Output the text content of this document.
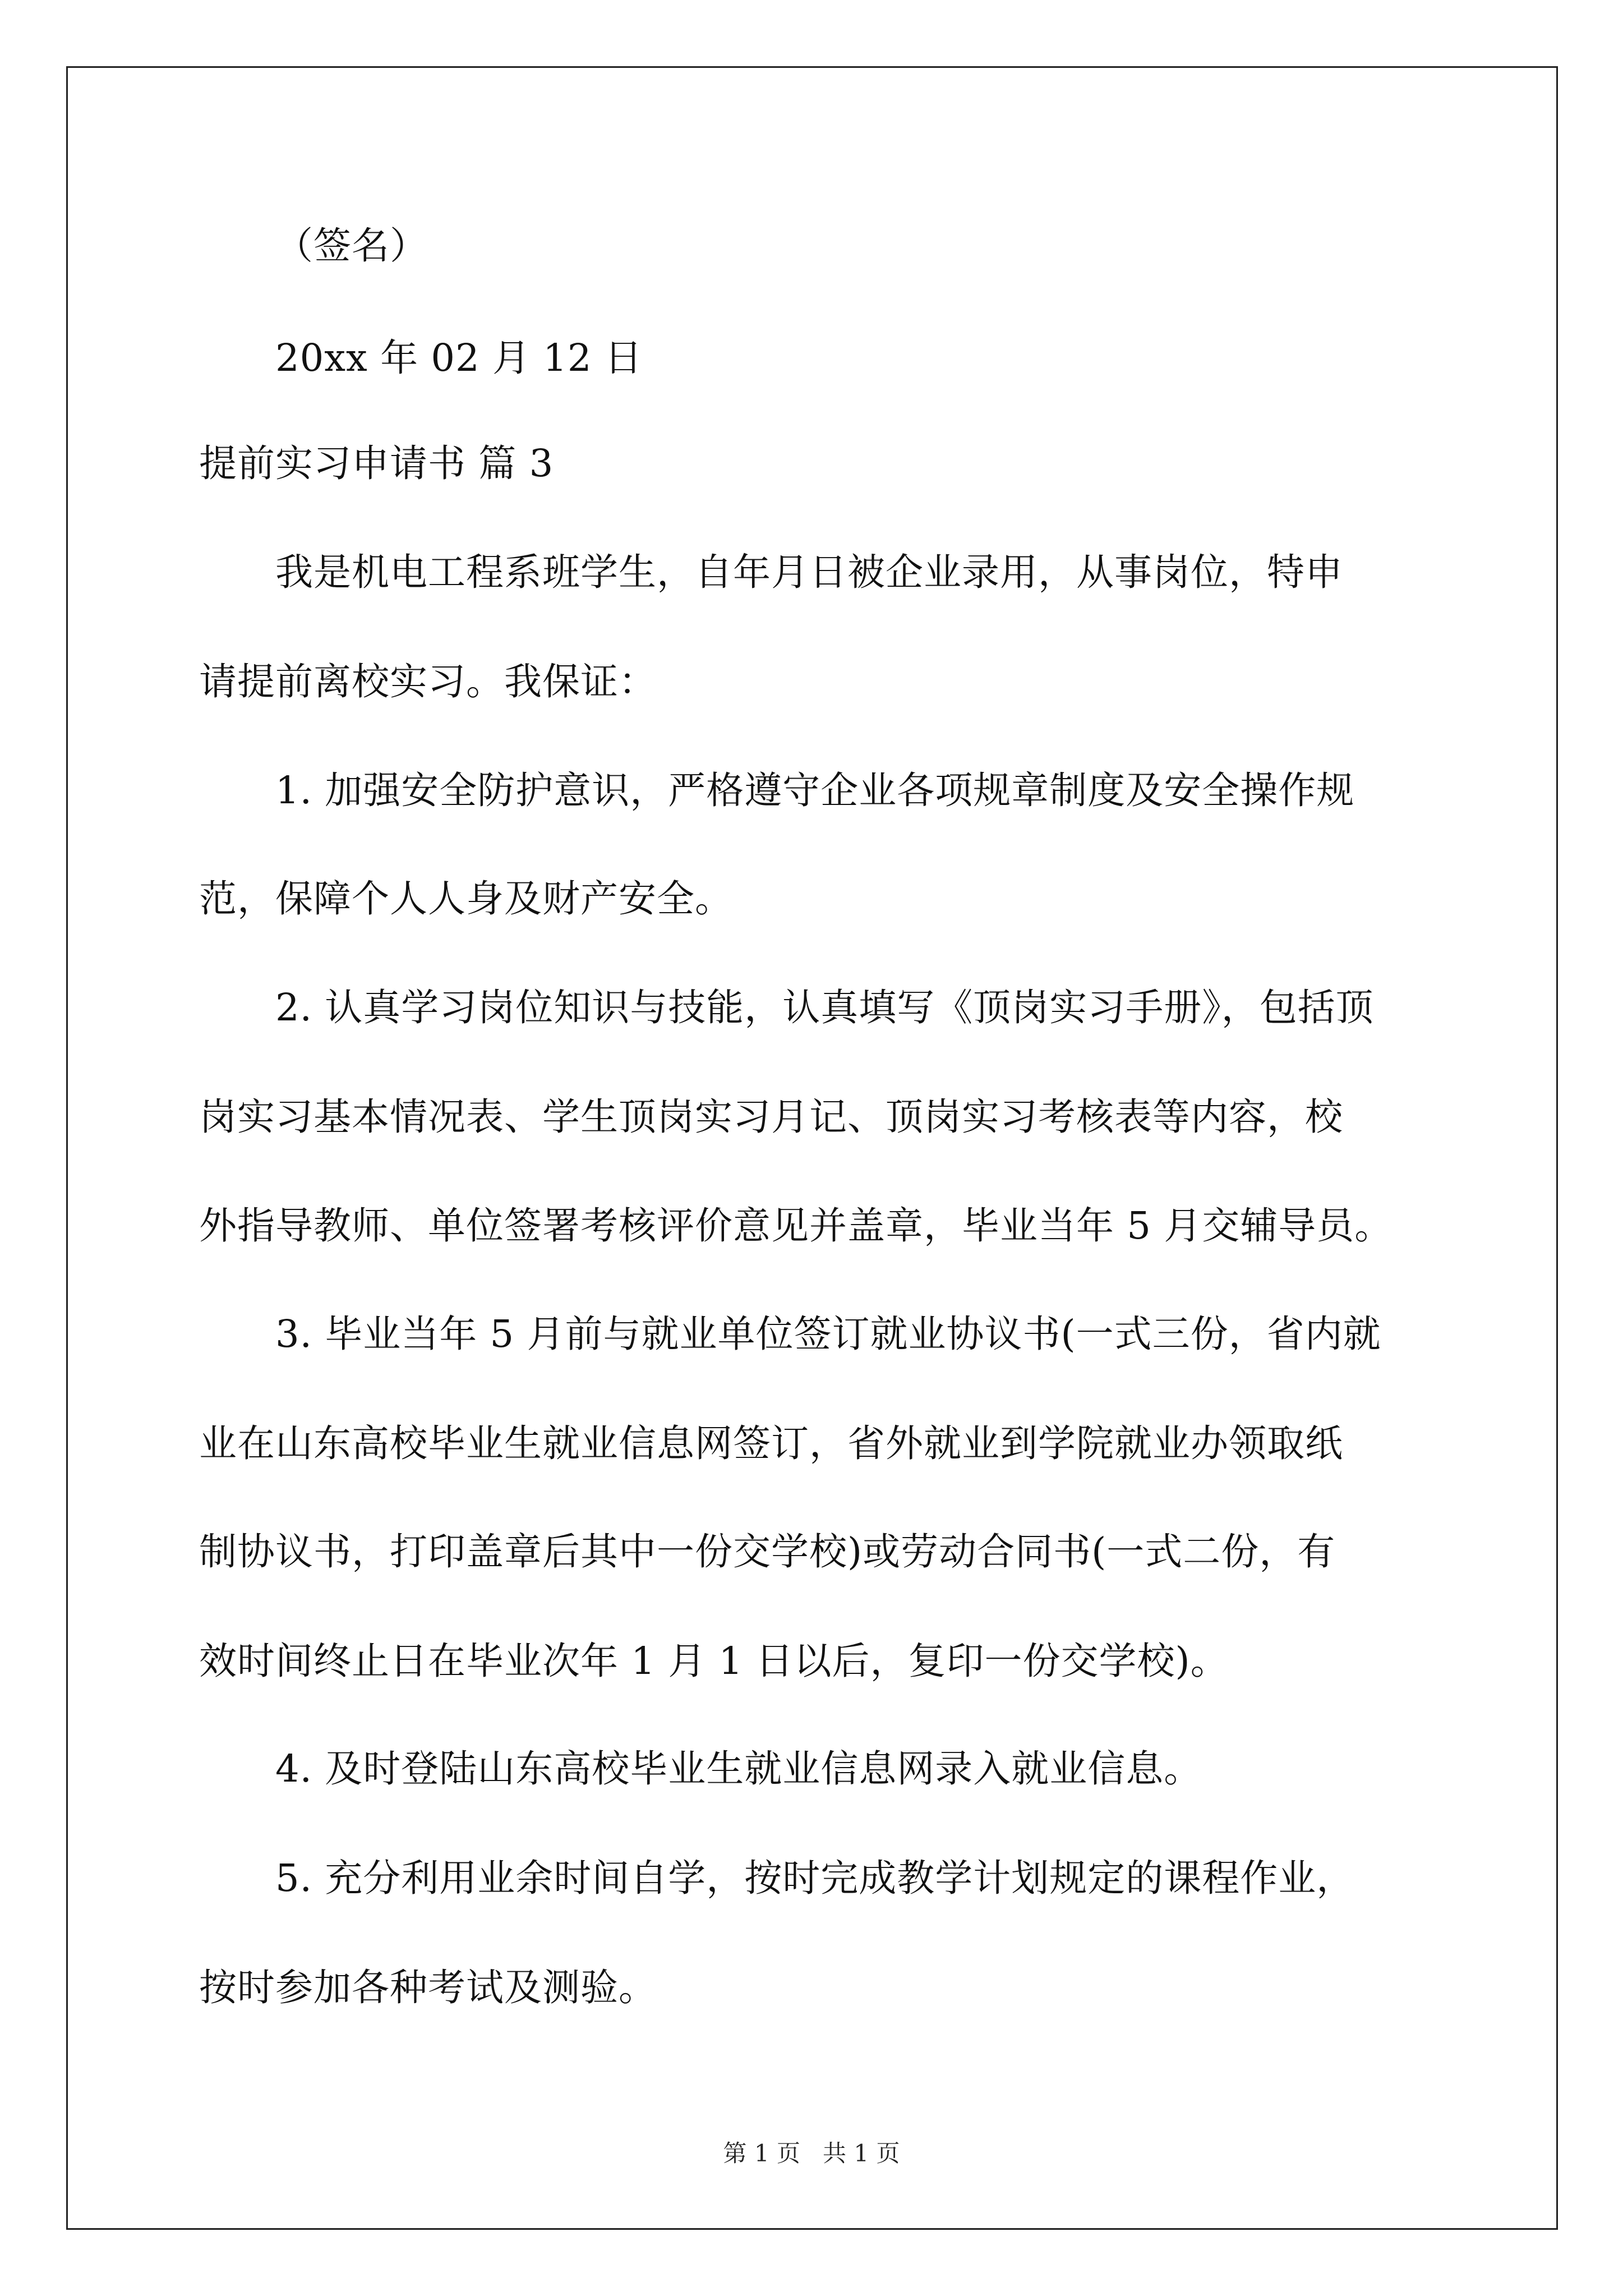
（签名）
20xx 年 02 月 12 日
提前实习申请书 篇 3
我是机电工程系班学生，自年月日被企业录用，从事岗位，特申
请提前离校实习。我保证：
1. 加强安全防护意识，严格遵守企业各项规章制度及安全操作规
范，保障个人人身及财产安全。
2. 认真学习岗位知识与技能，认真填写《顶岗实习手册》，包括顶
岗实习基本情况表、学生顶岗实习月记、顶岗实习考核表等内容，校
外指导教师、单位签署考核评价意见并盖章，毕业当年 5 月交辅导员。
3. 毕业当年 5 月前与就业单位签订就业协议书(一式三份，省内就
业在山东高校毕业生就业信息网签订，省外就业到学院就业办领取纸
制协议书，打印盖章后其中一份交学校)或劳动合同书(一式二份，有
效时间终止日在毕业次年 1 月 1 日以后，复印一份交学校)。
4. 及时登陆山东高校毕业生就业信息网录入就业信息。
5. 充分利用业余时间自学，按时完成教学计划规定的课程作业，
按时参加各种考试及测验。
第 1 页   共 1 页
